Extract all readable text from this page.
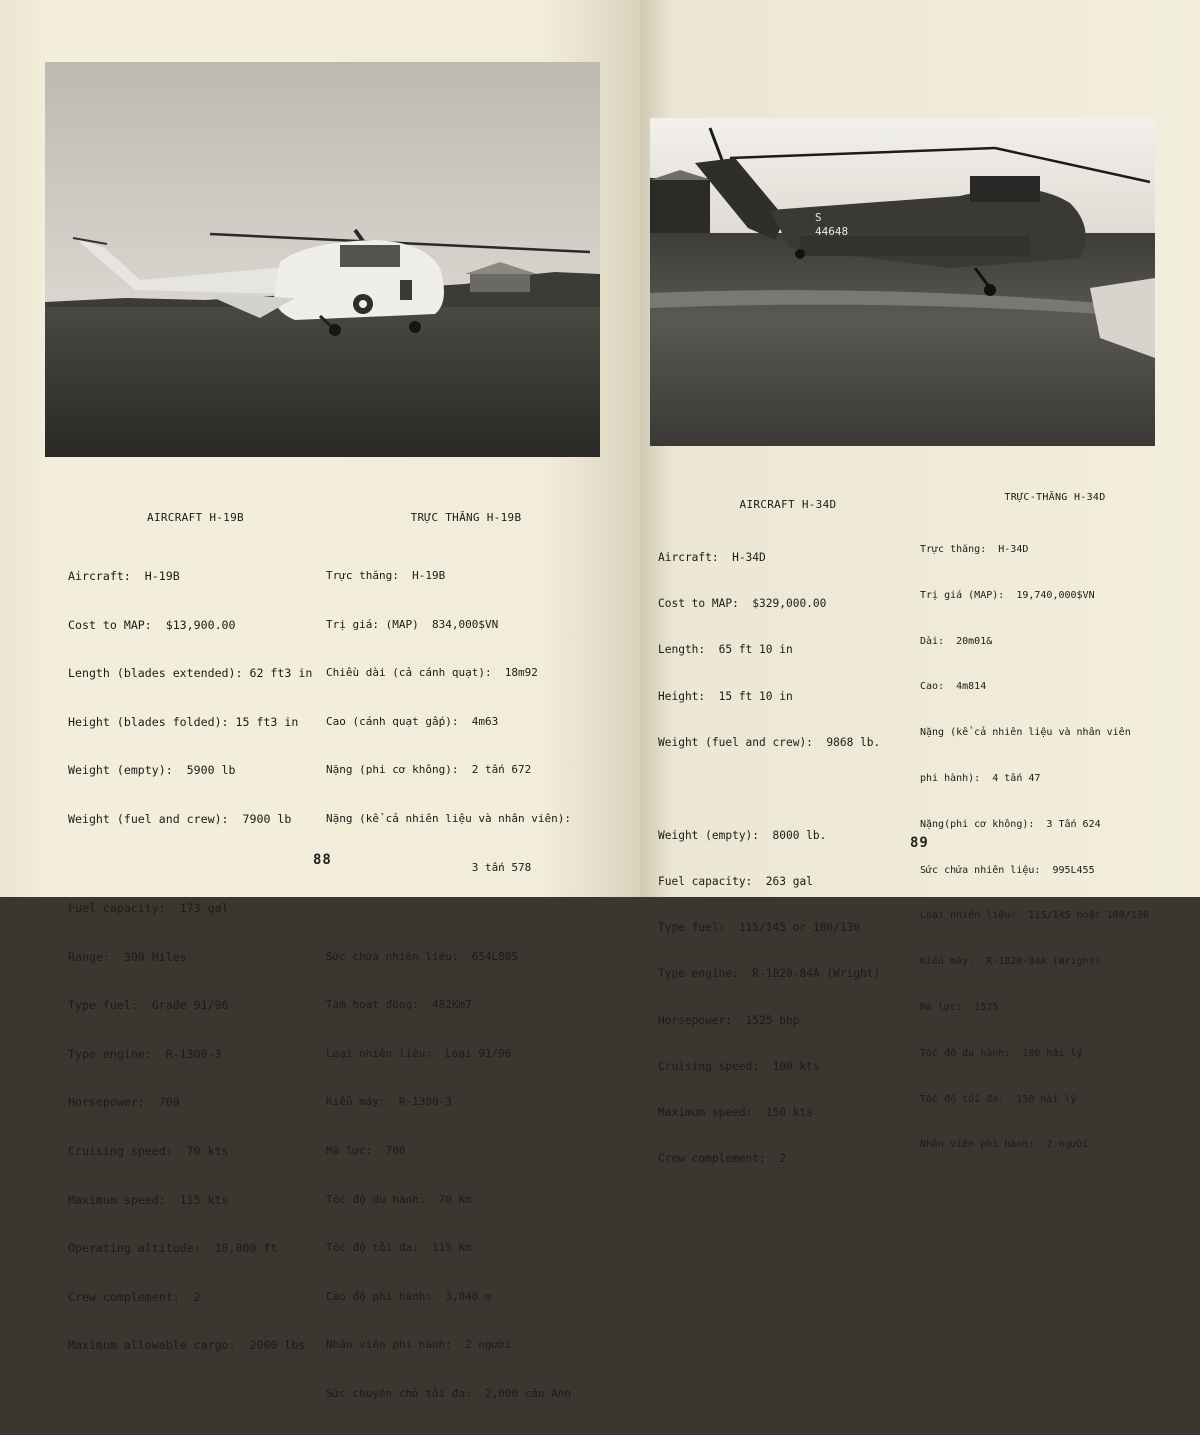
AIRCRAFT H-19B

Aircraft:  H-19B

Cost to MAP:  $13,900.00

Length (blades extended): 62 ft3 in

Height (blades folded): 15 ft3 in

Weight (empty):  5900 lb

Weight (fuel and crew):  7900 lb

Fuel capacity:  173 gal

Range:  300 Miles

Type fuel:  Grade 91/96

Type engine:  R-1300-3

Horsepower:  700

Cruising speed:  70 kts

Maximum speed:  115 kts

Operating altitude:  10,000 ft

Crew complement:  2

Maximum allowable cargo:  2000 lbs

TRỰC THĂNG H-19B

Trực thăng:  H-19B

Trị giá: (MAP)  834,000$VN

Chiều dài (cả cánh quạt):  18m92

Cao (cánh quạt gấp):  4m63

Nặng (phi cơ không):  2 tấn 672

Nặng (kể cả nhiên liệu và nhân viên):

3 tấn 578

Sức chứa nhiên liệu:  654L805

Tầm hoạt động:  482Km7

Loại nhiên liệu:  Loại 91/96

Kiểu máy:  R-1300-3

Mã lực:  700

Tốc độ du hành:  70 Km

Tốc độ tối đa:  115 Km

Cao độ phi hành:  3,040 m

Nhân viên phi hành:  2 người

Sức chuyên chở tối đa:  2,000 cân Anh

88
S
44648

AIRCRAFT H-34D

Aircraft:  H-34D

Cost to MAP:  $329,000.00

Length:  65 ft 10 in

Height:  15 ft 10 in

Weight (fuel and crew):  9868 lb.

Weight (empty):  8000 lb.

Fuel capacity:  263 gal

Type fuel:  115/145 or 100/130

Type engine:  R-1820-84A (Wright)

Horsepower:  1525 bhp

Cruising speed:  100 kts

Maximum speed:  150 kts

Crew complement:  2

TRỰC-THĂNG H-34D

Trực thăng:  H-34D

Trị giá (MAP):  19,740,000$VN

Dài:  20m01&

Cao:  4m814

Nặng (kể cả nhiên liệu và nhân viên

phi hành):  4 tấn 47

Nặng(phi cơ không):  3 Tấn 624

Sức chứa nhiên liệu:  995L455

Loại nhiên liệu:  115/145 hoặc 100/130

Kiểu máy:  R-1820-84A (Wright)

Mã lực:  1525

Tốc độ du hành:  100 hải lý

Tốc độ tối đa:  150 hải lý

Nhân viên phi hành:  2 người

89
